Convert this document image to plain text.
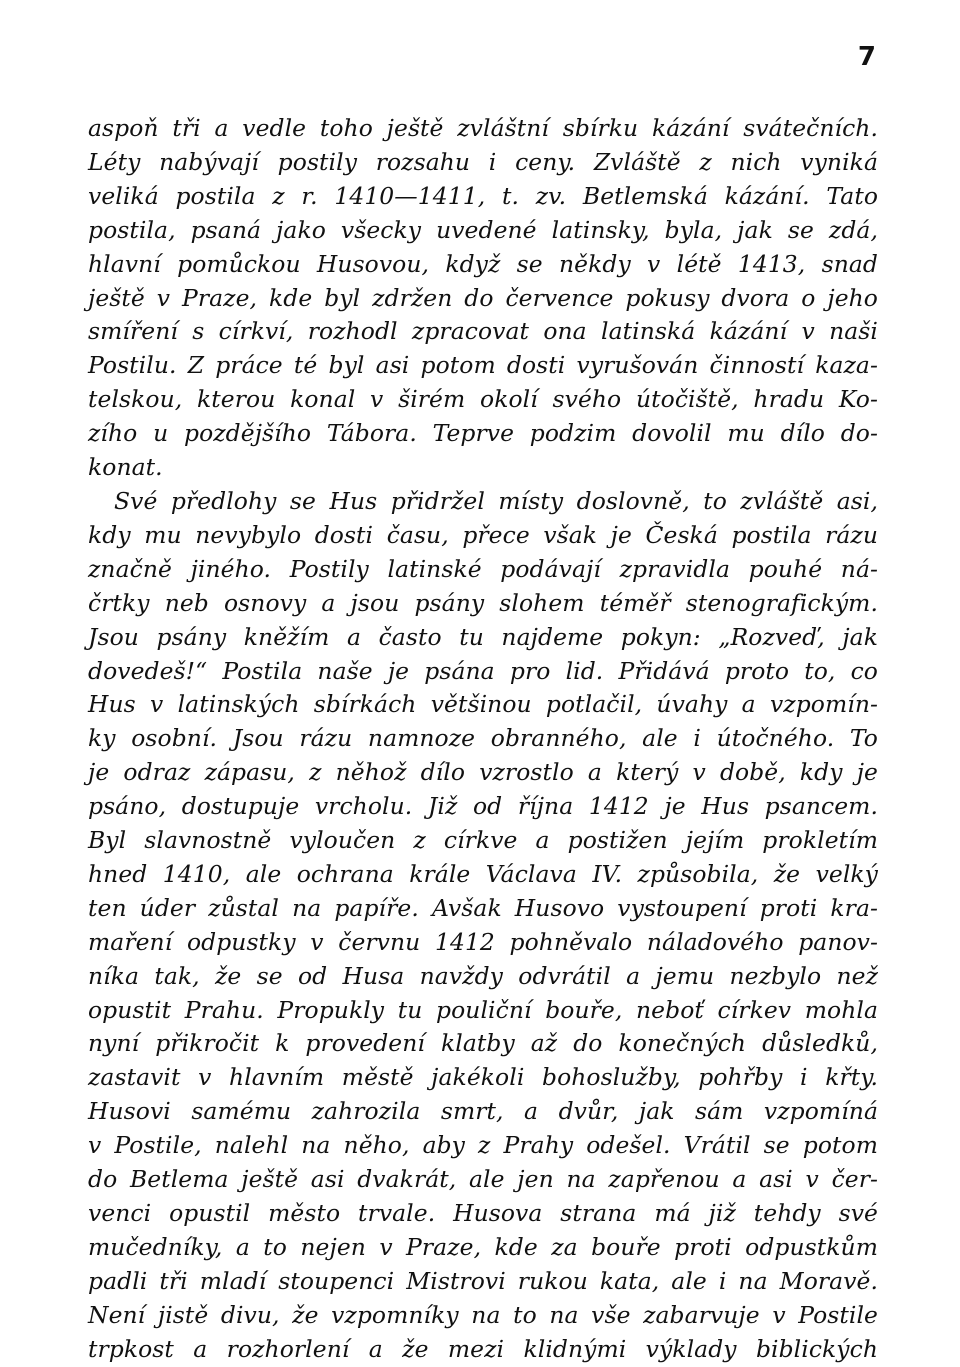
7
aspoň tři a vedle toho ještě zvláštní sbírku kázání svátečních.
Léty nabývají postily rozsahu i ceny. Zvláště z nich vyniká
veliká postila z r. 1410—1411, t. zv. Betlemská kázání. Tato
postila, psaná jako všecky uvedené latinsky, byla, jak se zdá,
hlavní pomůckou Husovou, když se někdy v létě 1413, snad
ještě v Praze, kde byl zdržen do července pokusy dvora o jeho
smíření s církví, rozhodl zpracovat ona latinská kázání v naši
Postilu. Z práce té byl asi potom dosti vyrušován činností kaza-
telskou, kterou konal v širém okolí svého útočiště, hradu Ko-
zího u pozdějšího Tábora. Teprve podzim dovolil mu dílo do-
konat.
Své předlohy se Hus přidržel místy doslovně, to zvláště asi,
kdy mu nevybylo dosti času, přece však je Česká postila rázu
značně jiného. Postily latinské podávají zpravidla pouhé ná-
črtky neb osnovy a jsou psány slohem téměř stenografickým.
Jsou psány kněžím a často tu najdeme pokyn: „Rozveď, jak
dovedeš!“ Postila naše je psána pro lid. Přidává proto to, co
Hus v latinských sbírkách většinou potlačil, úvahy a vzpomín-
ky osobní. Jsou rázu namnoze obranného, ale i útočného. To
je odraz zápasu, z něhož dílo vzrostlo a který v době, kdy je
psáno, dostupuje vrcholu. Již od října 1412 je Hus psancem.
Byl slavnostně vyloučen z církve a postižen jejím prokletím
hned 1410, ale ochrana krále Václava IV. způsobila, že velký
ten úder zůstal na papíře. Avšak Husovo vystoupení proti kra-
maření odpustky v červnu 1412 pohněvalo náladového panov-
níka tak, že se od Husa navždy odvrátil a jemu nezbylo než
opustit Prahu. Propukly tu pouliční bouře, neboť církev mohla
nyní přikročit k provedení klatby až do konečných důsledků,
zastavit v hlavním městě jakékoli bohoslužby, pohřby i křty.
Husovi samému zahrozila smrt, a dvůr, jak sám vzpomíná
v Postile, nalehl na něho, aby z Prahy odešel. Vrátil se potom
do Betlema ještě asi dvakrát, ale jen na zapřenou a asi v čer-
venci opustil město trvale. Husova strana má již tehdy své
mučedníky, a to nejen v Praze, kde za bouře proti odpustkům
padli tři mladí stoupenci Mistrovi rukou kata, ale i na Moravě.
Není jistě divu, že vzpomníky na to na vše zabarvuje v Postile
trpkost a rozhorlení a že mezi klidnými výklady biblických
